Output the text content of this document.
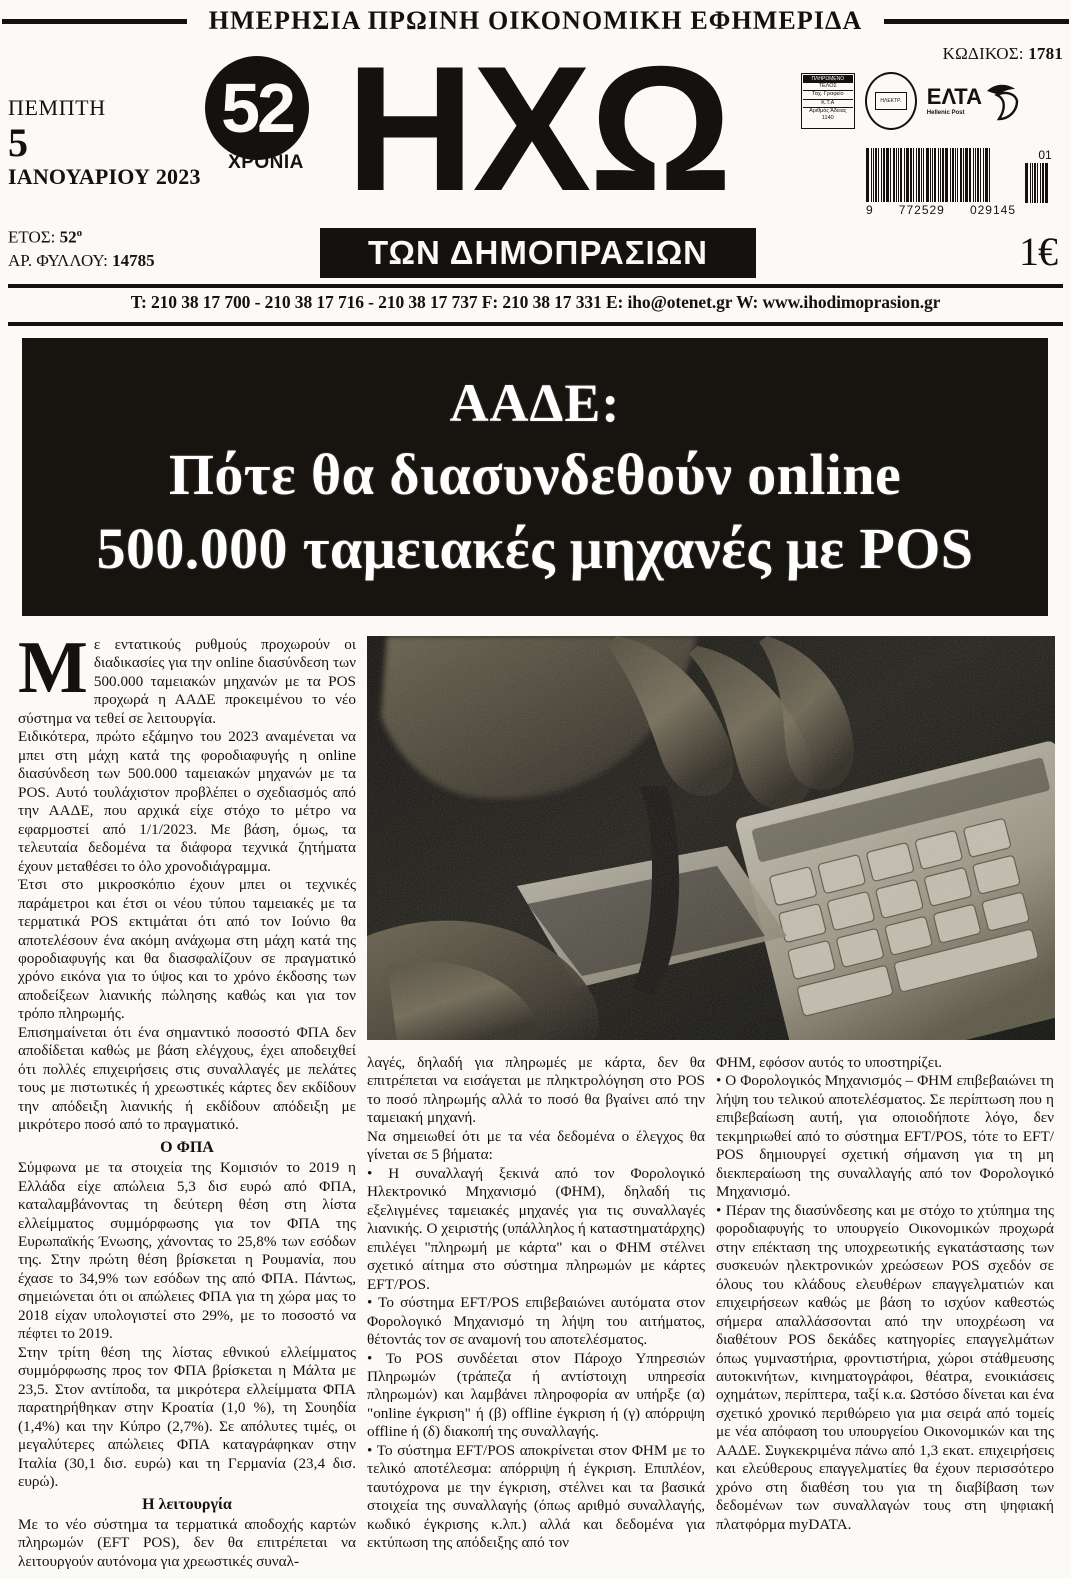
ΗΜΕΡΗΣΙΑ ΠΡΩΙΝΗ ΟΙΚΟΝΟΜΙΚΗ ΕΦΗΜΕΡΙΔΑ
ΠΕΜΠΤΗ
5
ΙΑΝΟΥΑΡΙΟΥ 2023
ΕΤΟΣ: $52^o$
ΑΡ. ΦΥΛΛΟΥ: 14785
52
ΧΡΟΝΙΑ ΗΧΩ
ΤΩΝ ΔΗΜΟΠΡΑΣΙΩΝ
ΚΩΔΙΚΟΣ: 1781
ΠΛΗΡΩΜΕΝΟ
ΤΕΛΟΣ
Ταχ. Γραφείο
Κ.Τ.Α
Αριθμός Άδειας 1140
ΗΛΕΚΤΡ. ΕΛΤΑ
Hellenic Post
9 772529 029145
01
1€
T: 210 38 17 700 - 210 38 17 716 - 210 38 17 737 F: 210 38 17 331 E: iho@otenet.gr W: www.ihodimoprasion.gr
ΑΑΔΕ:
Πότε θα διασυνδεθούν online
500.000 ταμειακές μηχανές με POS

Με εντατικούς ρυθμούς προχωρούν οι διαδικασίες για την online διασύνδεση των 500.000 ταμειακών μηχανών με τα POS προχωρά η ΑΑΔΕ προκειμένου το νέο σύστημα να τεθεί σε λειτουργία.

Ειδικότερα, πρώτο εξάμηνο του 2023 αναμένεται να μπει στη μάχη κατά της φοροδιαφυγής η online διασύνδεση των 500.000 ταμειακών μηχανών με τα POS. Αυτό τουλάχιστον προβλέπει ο σχεδιασμός από την ΑΑΔΕ, που αρχικά είχε στόχο το μέτρο να εφαρμοστεί από 1/1/2023. Με βάση, όμως, τα τελευταία δεδομένα τα διάφορα τεχνικά ζητήματα έχουν μεταθέσει το όλο χρονοδιάγραμμα.

Έτσι στο μικροσκόπιο έχουν μπει οι τεχνικές παράμετροι και έτσι οι νέου τύπου ταμειακές με τα τερματικά POS εκτιμάται ότι από τον Ιούνιο θα αποτελέσουν ένα ακόμη ανάχωμα στη μάχη κατά της φοροδιαφυγής και θα διασφαλίζουν σε πραγματικό χρόνο εικόνα για το ύψος και το χρόνο έκδοσης των αποδείξεων λιανικής πώλησης καθώς και για τον τρόπο πληρωμής.

Επισημαίνεται ότι ένα σημαντικό ποσοστό ΦΠΑ δεν αποδίδεται καθώς με βάση ελέγχους, έχει αποδειχθεί ότι πολλές επιχειρήσεις στις συναλλαγές με πελάτες τους με πιστωτικές ή χρεωστικές κάρτες δεν εκδίδουν την απόδειξη λιανικής ή εκδίδουν απόδειξη με μικρότερο ποσό από το πραγματικό.

Ο ΦΠΑ

Σύμφωνα με τα στοιχεία της Κομισιόν το 2019 η Ελλάδα είχε απώλεια 5,3 δισ ευρώ από ΦΠΑ, καταλαμβάνοντας τη δεύτερη θέση στη λίστα ελλείμματος συμμόρφωσης για τον ΦΠΑ της Ευρωπαϊκής Ένωσης, χάνοντας το 25,8% των εσόδων της. Στην πρώτη θέση βρίσκεται η Ρουμανία, που έχασε το 34,9% των εσόδων της από ΦΠΑ. Πάντως, σημειώνεται ότι οι απώλειες ΦΠΑ για τη χώρα μας το 2018 είχαν υπολογιστεί στο 29%, με το ποσοστό να πέφτει το 2019.

Στην τρίτη θέση της λίστας εθνικού ελλείμματος συμμόρφωσης προς τον ΦΠΑ βρίσκεται η Μάλτα με 23,5. Στον αντίποδα, τα μικρότερα ελλείμματα ΦΠΑ παρατηρήθηκαν στην Κροατία (1,0 %), τη Σουηδία (1,4%) και την Κύπρο (2,7%). Σε απόλυτες τιμές, οι μεγαλύτερες απώλειες ΦΠΑ καταγράφηκαν στην Ιταλία (30,1 δισ. ευρώ) και τη Γερμανία (23,4 δισ. ευρώ).

Η λειτουργία

Με το νέο σύστημα τα τερματικά αποδοχής καρτών πληρωμών (EFT POS), δεν θα επιτρέπεται να λειτουργούν αυτόνομα για χρεωστικές συναλ-

λαγές, δηλαδή για πληρωμές με κάρτα, δεν θα επιτρέπεται να εισάγεται με πληκτρολόγηση στο POS το ποσό πληρωμής αλλά το ποσό θα βγαίνει από την ταμειακή μηχανή.

Να σημειωθεί ότι με τα νέα δεδομένα ο έλεγχος θα γίνεται σε 5 βήματα:

• Η συναλλαγή ξεκινά από τον Φορολογικό Ηλεκτρονικό Μηχανισμό (ΦΗΜ), δηλαδή τις εξελιγμένες ταμειακές μηχανές για τις συναλλαγές λιανικής. Ο χειριστής (υπάλληλος ή καταστηματάρχης) επιλέγει "πληρωμή με κάρτα" και ο ΦΗΜ στέλνει σχετικό αίτημα στο σύστημα πληρωμών με κάρτες EFT/POS.

• Το σύστημα EFT/POS επιβεβαιώνει αυτόματα στον Φορολογικό Μηχανισμό τη λήψη του αιτήματος, θέτοντάς τον σε αναμονή του αποτελέσματος.

• Το POS συνδέεται στον Πάροχο Υπηρεσιών Πληρωμών (τράπεζα ή αντίστοιχη υπηρεσία πληρωμών) και λαμβάνει πληροφορία αν υπήρξε (α) "online έγκριση" ή (β) offline έγκριση ή (γ) απόρριψη offline ή (δ) διακοπή της συναλλαγής.

• Το σύστημα EFT/POS αποκρίνεται στον ΦΗΜ με το τελικό αποτέλεσμα: απόρριψη ή έγκριση. Επιπλέον, ταυτόχρονα με την έγκριση, στέλνει και τα βασικά στοιχεία της συναλλαγής (όπως αριθμό συναλλαγής, κωδικό έγκρισης κ.λπ.) αλλά και δεδομένα για εκτύπωση της απόδειξης από τον

ΦΗΜ, εφόσον αυτός το υποστηρίζει.

• Ο Φορολογικός Μηχανισμός – ΦΗΜ επιβεβαιώνει τη λήψη του τελικού αποτελέσματος. Σε περίπτωση που η επιβεβαίωση αυτή, για οποιοδήποτε λόγο, δεν τεκμηριωθεί από το σύστημα EFT/POS, τότε το EFT/ POS δημιουργεί σχετική σήμανση για τη μη διεκπεραίωση της συναλλαγής από τον Φορολογικό Μηχανισμό.

• Πέραν της διασύνδεσης και με στόχο το χτύπημα της φοροδιαφυγής το υπουργείο Οικονομικών προχωρά στην επέκταση της υποχρεωτικής εγκατάστασης των συσκευών ηλεκτρονικών χρεώσεων POS σχεδόν σε όλους του κλάδους ελευθέρων επαγγελματιών και επιχειρήσεων καθώς με βάση το ισχύον καθεστώς σήμερα απαλλάσσονται από την υποχρέωση να διαθέτουν POS δεκάδες κατηγορίες επαγγελμάτων όπως γυμναστήρια, φροντιστήρια, χώροι στάθμευσης αυτοκινήτων, κινηματογράφοι, θέατρα, ενοικιάσεις οχημάτων, περίπτερα, ταξί κ.α. Ωστόσο δίνεται και ένα σχετικό χρονικό περιθώρειο για μια σειρά από τομείς με νέα απόφαση του υπουργείου Οικονομικών και της ΑΑΔΕ. Συγκεκριμένα πάνω από 1,3 εκατ. επιχειρήσεις και ελεύθερους επαγγελματίες θα έχουν περισσότερο χρόνο στη διαθέση του για τη διαβίβαση των δεδομένων των συναλλαγών τους στη ψηφιακή πλατφόρμα myDATA.
